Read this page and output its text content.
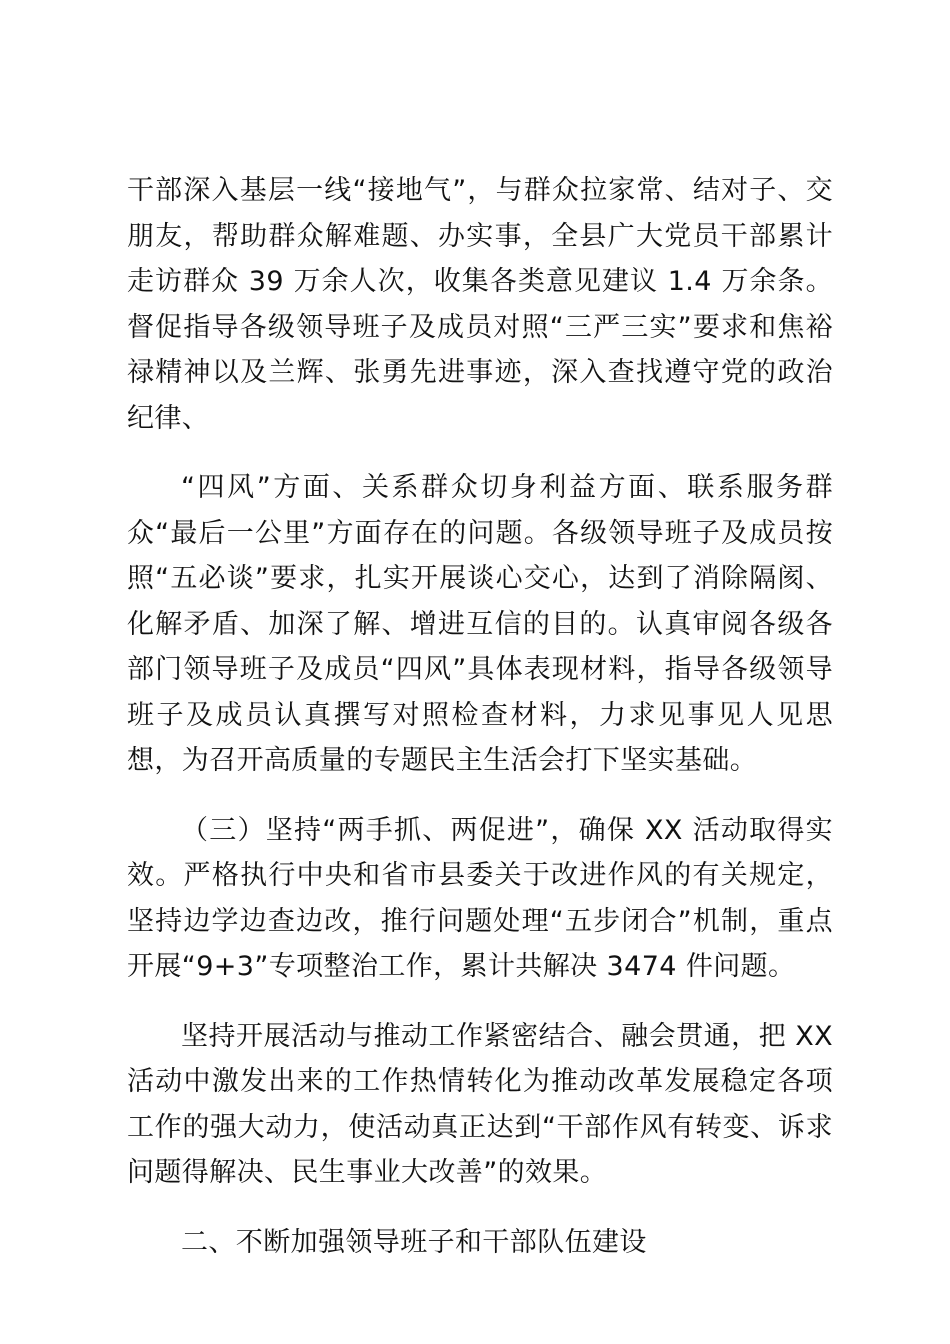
干部深入基层一线“接地气”，与群众拉家常、结对子、交朋友，帮助群众解难题、办实事，全县广大党员干部累计走访群众 39 万余人次，收集各类意见建议 1.4 万余条。督促指导各级领导班子及成员对照“三严三实”要求和焦裕禄精神以及兰辉、张勇先进事迹，深入查找遵守党的政治纪律、

“四风”方面、关系群众切身利益方面、联系服务群众“最后一公里”方面存在的问题。各级领导班子及成员按照“五必谈”要求，扎实开展谈心交心，达到了消除隔阂、化解矛盾、加深了解、增进互信的目的。认真审阅各级各部门领导班子及成员“四风”具体表现材料，指导各级领导班子及成员认真撰写对照检查材料，力求见事见人见思想，为召开高质量的专题民主生活会打下坚实基础。

（三）坚持“两手抓、两促进”，确保 XX 活动取得实效。严格执行中央和省市县委关于改进作风的有关规定，坚持边学边查边改，推行问题处理“五步闭合”机制，重点开展“9+3”专项整治工作，累计共解决 3474 件问题。

坚持开展活动与推动工作紧密结合、融会贯通，把 XX 活动中激发出来的工作热情转化为推动改革发展稳定各项工作的强大动力，使活动真正达到“干部作风有转变、诉求问题得解决、民生事业大改善”的效果。

二、不断加强领导班子和干部队伍建设
